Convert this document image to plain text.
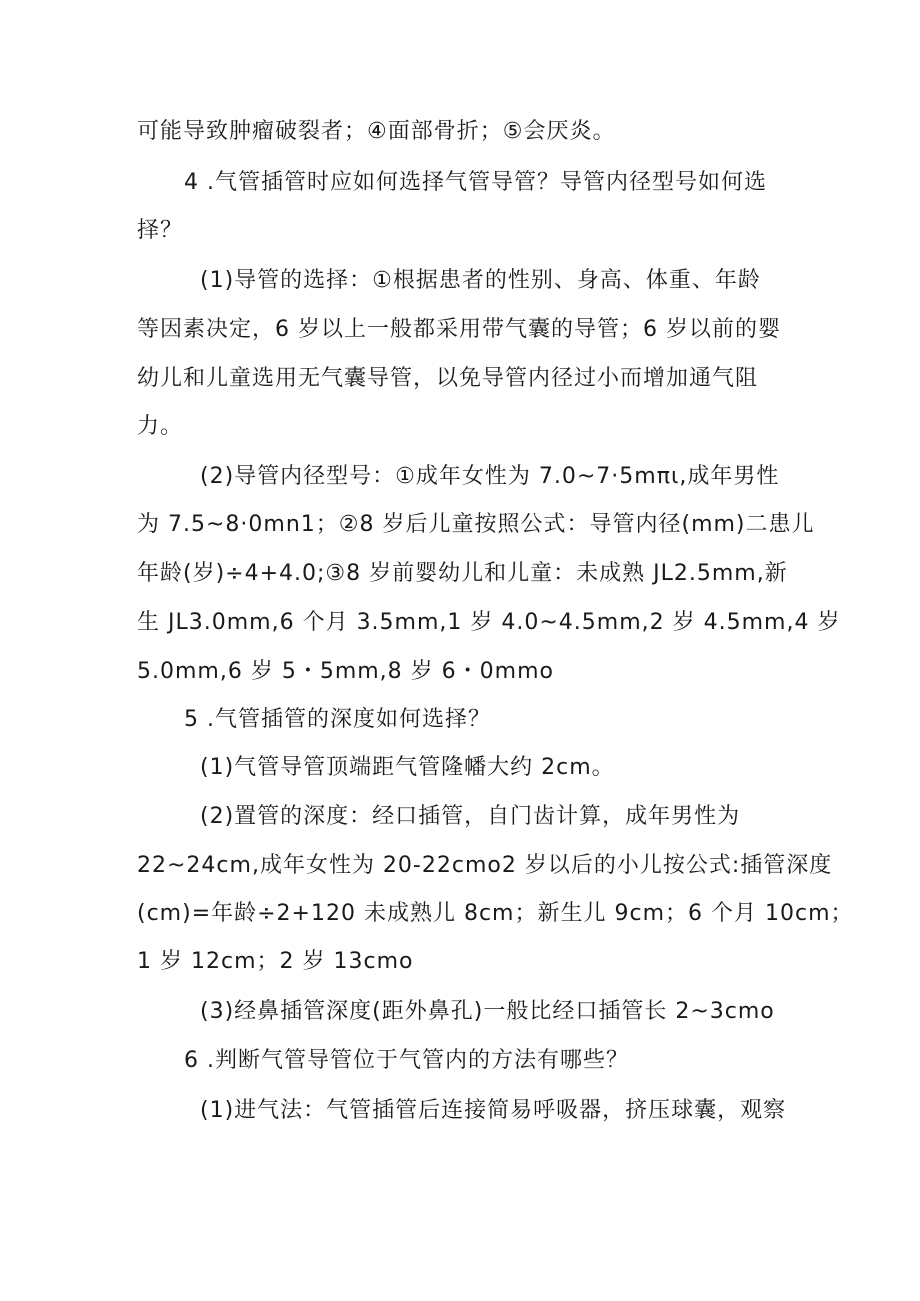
可能导致肿瘤破裂者；④面部骨折；⑤会厌炎。
4 .气管插管时应如何选择气管导管？导管内径型号如何选
择？
(1)导管的选择：①根据患者的性别、身高、体重、年龄
等因素决定，6 岁以上一般都采用带气囊的导管；6 岁以前的婴
幼儿和儿童选用无气囊导管，以免导管内径过小而增加通气阻
力。
(2)导管内径型号：①成年女性为 7.0~7·5mπι,成年男性
为 7.5~8·0mn1；②8 岁后儿童按照公式：导管内径(mm)二患儿
年龄(岁)÷4+4.0;③8 岁前婴幼儿和儿童：未成熟 JL2.5mm,新
生 JL3.0mm,6 个月 3.5mm,1 岁 4.0~4.5mm,2 岁 4.5mm,4 岁
5.0mm,6 岁 5・5mm,8 岁 6・0mmo
5 .气管插管的深度如何选择？
(1)气管导管顶端距气管隆幡大约 2cm。
(2)置管的深度：经口插管，自门齿计算，成年男性为
22~24cm,成年女性为 20-22cmo2 岁以后的小儿按公式:插管深度
(cm)=年龄÷2+120 未成熟儿 8cm；新生儿 9cm；6 个月 10cm；
1 岁 12cm；2 岁 13cmo
(3)经鼻插管深度(距外鼻孔)一般比经口插管长 2~3cmo
6 .判断气管导管位于气管内的方法有哪些？
(1)进气法：气管插管后连接简易呼吸器，挤压球囊，观察
